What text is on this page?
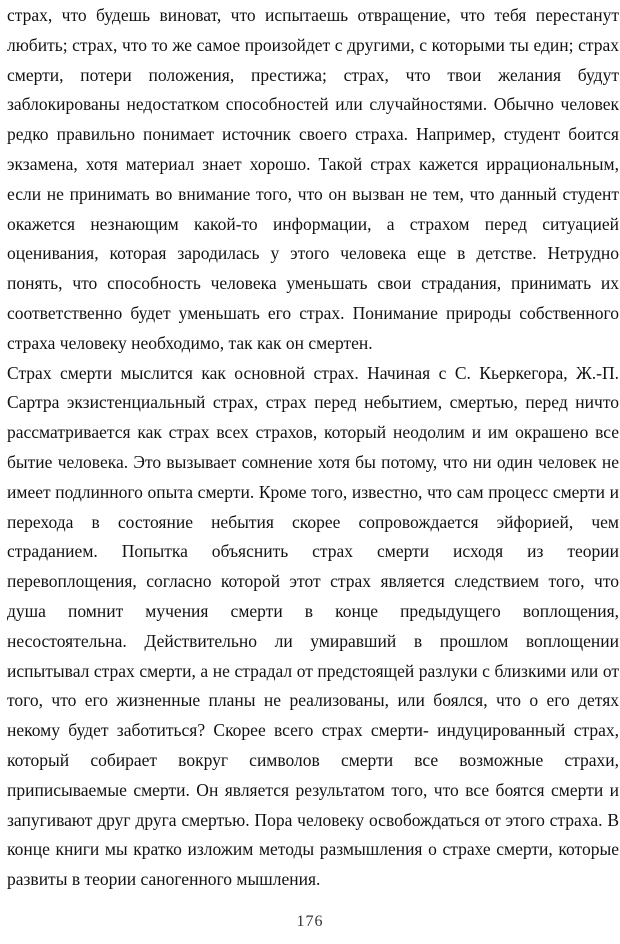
страх, что будешь виноват, что испытаешь отвращение, что тебя перестанут
любить; страх, что то же самое произойдет с другими, с которыми ты един; страх
смерти, потери положения, престижа; страх, что твои желания будут
заблокированы недостатком способностей или случайностями. Обычно человек
редко правильно понимает источник своего страха. Например, студент боится
экзамена, хотя материал знает хорошо. Такой страх кажется иррациональным,
если не принимать во внимание того, что он вызван не тем, что данный студент
окажется незнающим какой-то информации, а страхом перед ситуацией
оценивания, которая зародилась у этого человека еще в детстве. Нетрудно
понять, что способность человека уменьшать свои страдания, принимать их
соответственно будет уменьшать его страх. Понимание природы собственного
страха человеку необходимо, так как он смертен.
Страх смерти мыслится как основной страх. Начиная с С. Кьеркегора, Ж.-П.
Сартра экзистенциальный страх, страх перед небытием, смертью, перед ничто
рассматривается как страх всех страхов, который неодолим и им окрашено все
бытие человека. Это вызывает сомнение хотя бы потому, что ни один человек не
имеет подлинного опыта смерти. Кроме того, известно, что сам процесс смерти и
перехода в состояние небытия скорее сопровождается эйфорией, чем
страданием. Попытка объяснить страх смерти исходя из теории
перевоплощения, согласно которой этот страх является следствием того, что
душа помнит мучения смерти в конце предыдущего воплощения,
несостоятельна. Действительно ли умиравший в прошлом воплощении
испытывал страх смерти, а не страдал от предстоящей разлуки с близкими или от
того, что его жизненные планы не реализованы, или боялся, что о его детях
некому будет заботиться? Скорее всего страх смерти- индуцированный страх,
который собирает вокруг символов смерти все возможные страхи,
приписываемые смерти. Он является результатом того, что все боятся смерти и
запугивают друг друга смертью. Пора человеку освобождаться от этого страха. В
конце книги мы кратко изложим методы размышления о страхе смерти, которые
развиты в теории саногенного мышления.
176
